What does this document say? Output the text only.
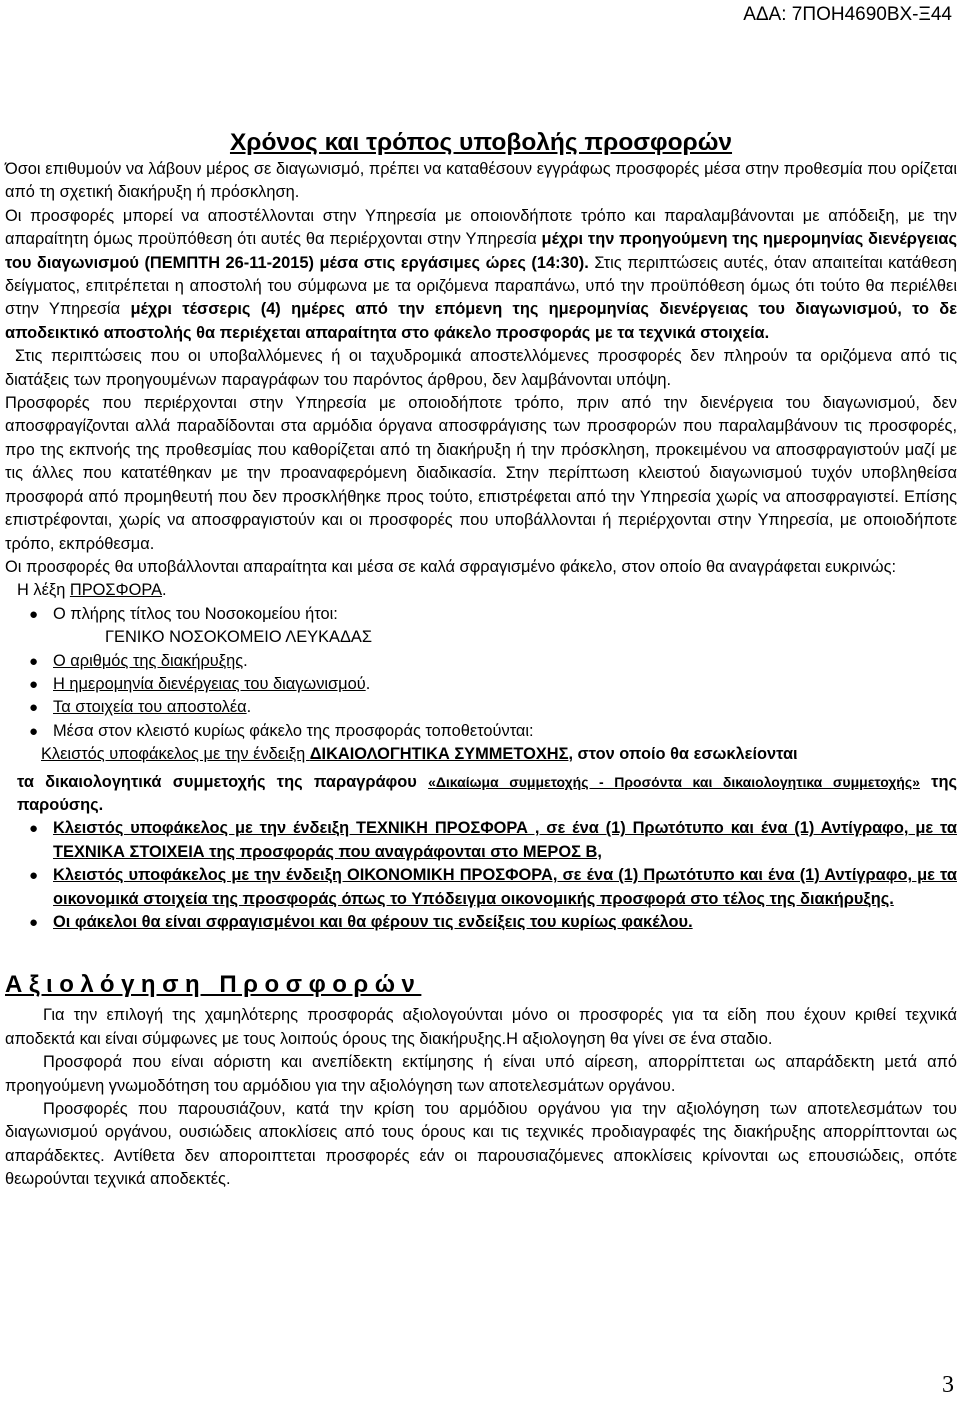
ΑΔΑ: 7ΠΟΗ4690ΒΧ-Ξ44
Χρόνος και τρόπος υποβολής προσφορών

Όσοι επιθυμούν να λάβουν μέρος σε διαγωνισμό, πρέπει να καταθέσουν εγγράφως προσφορές μέσα στην προθεσμία που ορίζεται από τη σχετική διακήρυξη ή πρόσκληση.

Οι προσφορές μπορεί να αποστέλλονται στην Υπηρεσία με οποιονδήποτε τρόπο και παραλαμβάνονται με απόδειξη, με την απαραίτητη όμως προϋπόθεση ότι αυτές θα περιέρχονται στην Υπηρεσία μέχρι την προηγούμενη της ημερομηνίας διενέργειας του διαγωνισμού (ΠΕΜΠΤΗ 26-11-2015) μέσα στις εργάσιμες ώρες (14:30). Στις περιπτώσεις αυτές, όταν απαιτείται κατάθεση δείγματος, επιτρέπεται η αποστολή του σύμφωνα με τα οριζόμενα παραπάνω, υπό την προϋπόθεση όμως ότι τούτο θα περιέλθει στην Υπηρεσία μέχρι τέσσερις (4) ημέρες από την επόμενη της ημερομηνίας διενέργειας του διαγωνισμού, το δε αποδεικτικό αποστολής θα περιέχεται απαραίτητα στο φάκελο προσφοράς με τα τεχνικά στοιχεία.

Στις περιπτώσεις που οι υποβαλλόμενες ή οι ταχυδρομικά αποστελλόμενες προσφορές δεν πληρούν τα οριζόμενα από τις διατάξεις των προηγουμένων παραγράφων του παρόντος άρθρου, δεν λαμβάνονται υπόψη.

Προσφορές που περιέρχονται στην Υπηρεσία με οποιοδήποτε τρόπο, πριν από την διενέργεια του διαγωνισμού, δεν αποσφραγίζονται αλλά παραδίδονται στα αρμόδια όργανα αποσφράγισης των προσφορών που παραλαμβάνουν τις προσφορές, προ της εκπνοής της προθεσμίας που καθορίζεται από τη διακήρυξη ή την πρόσκληση, προκειμένου να αποσφραγιστούν μαζί με τις άλλες που κατατέθηκαν με την προαναφερόμενη διαδικασία. Στην περίπτωση κλειστού διαγωνισμού τυχόν υποβληθείσα προσφορά από προμηθευτή που δεν προσκλήθηκε προς τούτο, επιστρέφεται από την Υπηρεσία χωρίς να αποσφραγιστεί. Επίσης επιστρέφονται, χωρίς να αποσφραγιστούν και οι προσφορές που υποβάλλονται ή περιέρχονται στην Υπηρεσία, με οποιοδήποτε τρόπο, εκπρόθεσμα.

Οι προσφορές θα υποβάλλονται απαραίτητα και μέσα σε καλά σφραγισμένο φάκελο, στον οποίο θα αναγράφεται ευκρινώς:

Η λέξη ΠΡΟΣΦΟΡΑ.
● Ο πλήρης τίτλος του Νοσοκομείου ήτοι:
ΓΕΝΙΚΟ ΝΟΣΟΚΟΜΕΙΟ ΛΕΥΚΑΔΑΣ
● Ο αριθμός της διακήρυξης.
● Η ημερομηνία διενέργειας του διαγωνισμού.
● Τα στοιχεία του αποστολέα.
● Μέσα στον κλειστό κυρίως φάκελο της προσφοράς τοποθετούνται:
Κλειστός υποφάκελος με την ένδειξη ΔΙΚΑΙΟΛΟΓΗΤΙΚΑ ΣΥΜΜΕΤΟΧΗΣ, στον οποίο θα εσωκλείονται

τα δικαιολογητικά συμμετοχής της παραγράφου «Δικαίωμα συμμετοχής - Προσόντα και δικαιολογητικα συμμετοχής» της παρούσης.

● Κλειστός υποφάκελος με την ένδειξη ΤΕΧΝΙΚΗ ΠΡΟΣΦΟΡΑ , σε ένα (1) Πρωτότυπο και ένα (1) Αντίγραφο, με τα ΤΕΧΝΙΚΑ ΣΤΟΙΧΕΙΑ της προσφοράς που αναγράφονται στο ΜΕΡΟΣ Β,
● Κλειστός υποφάκελος με την ένδειξη ΟΙΚΟΝΟΜΙΚΗ ΠΡΟΣΦΟΡΑ, σε ένα (1) Πρωτότυπο και ένα (1) Αντίγραφο, με τα οικονομικά στοιχεία της προσφοράς όπως το Υπόδειγμα οικονομικής προσφορά στο τέλος της διακήρυξης.
● Οι φάκελοι θα είναι σφραγισμένοι και θα φέρουν τις ενδείξεις του κυρίως φακέλου.
Αξιολόγηση Προσφορών

Για την επιλογή της χαμηλότερης προσφοράς αξιολογούνται μόνο οι προσφορές για τα είδη που έχουν κριθεί τεχνικά αποδεκτά και είναι σύμφωνες με τους λοιπούς όρους της διακήρυξης.Η αξιολογηση θα γίνει σε ένα σταδιο.

Προσφορά που είναι αόριστη και ανεπίδεκτη εκτίμησης ή είναι υπό αίρεση, απορρίπτεται ως απαράδεκτη μετά από προηγούμενη γνωμοδότηση του αρμόδιου για την αξιολόγηση των αποτελεσμάτων οργάνου.

Προσφορές που παρουσιάζουν, κατά την κρίση του αρμόδιου οργάνου για την αξιολόγηση των αποτελεσμάτων του διαγωνισμού οργάνου, ουσιώδεις αποκλίσεις από τους όρους και τις τεχνικές προδιαγραφές της διακήρυξης απορρίπτονται ως απαράδεκτες. Αντίθετα δεν αποροιπτεται προσφορές εάν οι παρουσιαζόμενες αποκλίσεις κρίνονται ως επουσιώδεις, οπότε θεωρούνται τεχνικά αποδεκτές.

3
